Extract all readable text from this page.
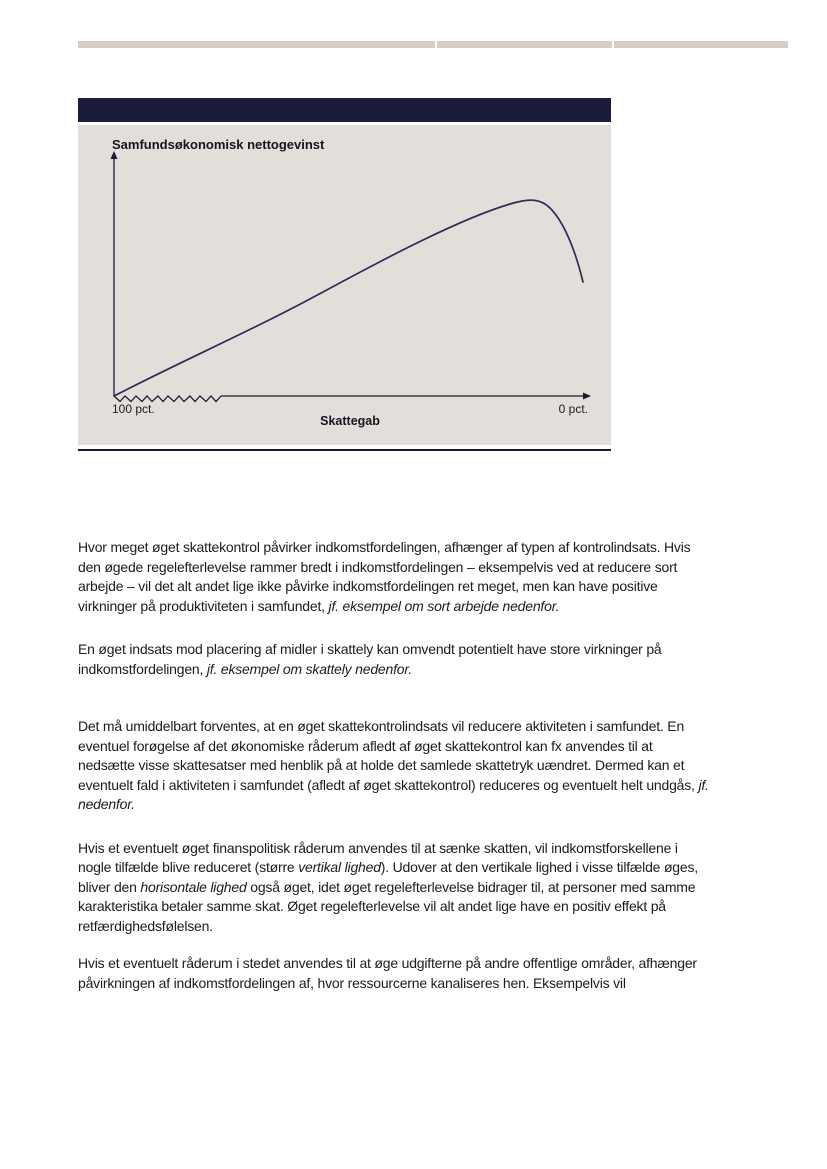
Samfundsøkonomisk nettogevinst
100 pct.	0 pct.
Skattegab

Hvor meget øget skattekontrol påvirker indkomstfordelingen, afhænger af typen af kontrolindsats. Hvis den øgede regelefterlevelse rammer bredt i indkomstfordelingen – eksempelvis ved at reducere sort arbejde – vil det alt andet lige ikke påvirke indkomstfordelingen ret meget, men kan have positive virkninger på produktiviteten i samfundet, jf. eksempel om sort arbejde nedenfor.

En øget indsats mod placering af midler i skattely kan omvendt potentielt have store virkninger på indkomstfordelingen, jf. eksempel om skattely nedenfor.

Det må umiddelbart forventes, at en øget skattekontrolindsats vil reducere aktiviteten i samfundet. En eventuel forøgelse af det økonomiske råderum afledt af øget skattekontrol kan fx anvendes til at nedsætte visse skattesatser med henblik på at holde det samlede skattetryk uændret. Dermed kan et eventuelt fald i aktiviteten i samfundet (afledt af øget skattekontrol) reduceres og eventuelt helt undgås, jf. nedenfor.

Hvis et eventuelt øget finanspolitisk råderum anvendes til at sænke skatten, vil indkomstforskellene i nogle tilfælde blive reduceret (større vertikal lighed). Udover at den vertikale lighed i visse tilfælde øges, bliver den horisontale lighed også øget, idet øget regelefterlevelse bidrager til, at personer med samme karakteristika betaler samme skat. Øget regelefterlevelse vil alt andet lige have en positiv effekt på retfærdighedsfølelsen.

Hvis et eventuelt råderum i stedet anvendes til at øge udgifterne på andre offentlige områder, afhænger påvirkningen af indkomstfordelingen af, hvor ressourcerne kanaliseres hen. Eksempelvis vil
